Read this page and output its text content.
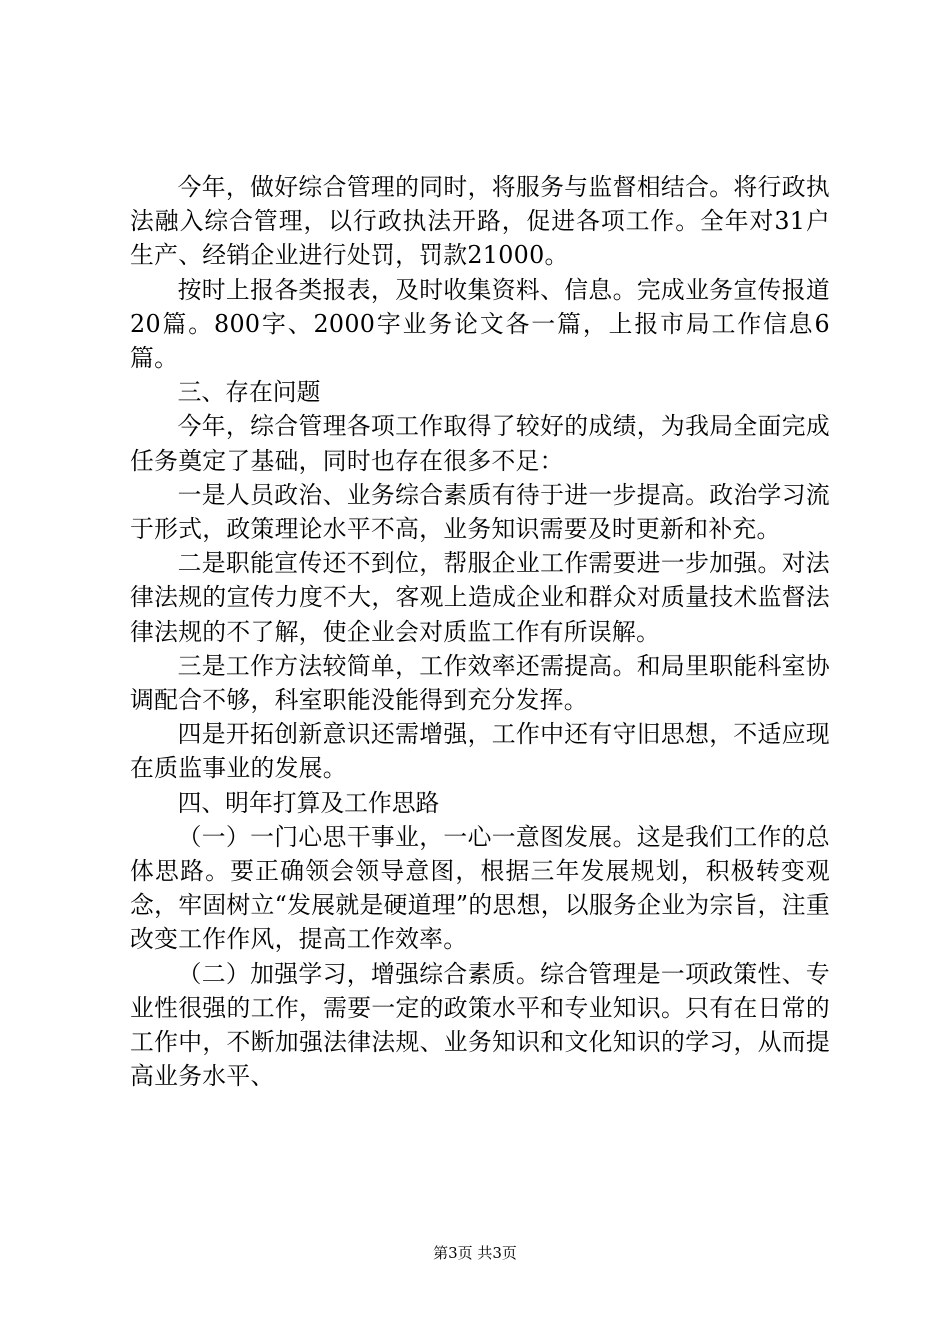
今年，做好综合管理的同时，将服务与监督相结合。将行政执法融入综合管理，以行政执法开路，促进各项工作。全年对31户生产、经销企业进行处罚，罚款21000。

按时上报各类报表，及时收集资料、信息。完成业务宣传报道20篇。800字、2000字业务论文各一篇，上报市局工作信息6篇。

三、存在问题

今年，综合管理各项工作取得了较好的成绩，为我局全面完成任务奠定了基础，同时也存在很多不足：

一是人员政治、业务综合素质有待于进一步提高。政治学习流于形式，政策理论水平不高，业务知识需要及时更新和补充。

二是职能宣传还不到位，帮服企业工作需要进一步加强。对法律法规的宣传力度不大，客观上造成企业和群众对质量技术监督法律法规的不了解，使企业会对质监工作有所误解。

三是工作方法较简单，工作效率还需提高。和局里职能科室协调配合不够，科室职能没能得到充分发挥。

四是开拓创新意识还需增强，工作中还有守旧思想，不适应现在质监事业的发展。

四、明年打算及工作思路

（一）一门心思干事业，一心一意图发展。这是我们工作的总体思路。要正确领会领导意图，根据三年发展规划，积极转变观念，牢固树立“发展就是硬道理”的思想，以服务企业为宗旨，注重改变工作作风，提高工作效率。

（二）加强学习，增强综合素质。综合管理是一项政策性、专业性很强的工作，需要一定的政策水平和专业知识。只有在日常的工作中，不断加强法律法规、业务知识和文化知识的学习，从而提高业务水平、

第3页 共3页
